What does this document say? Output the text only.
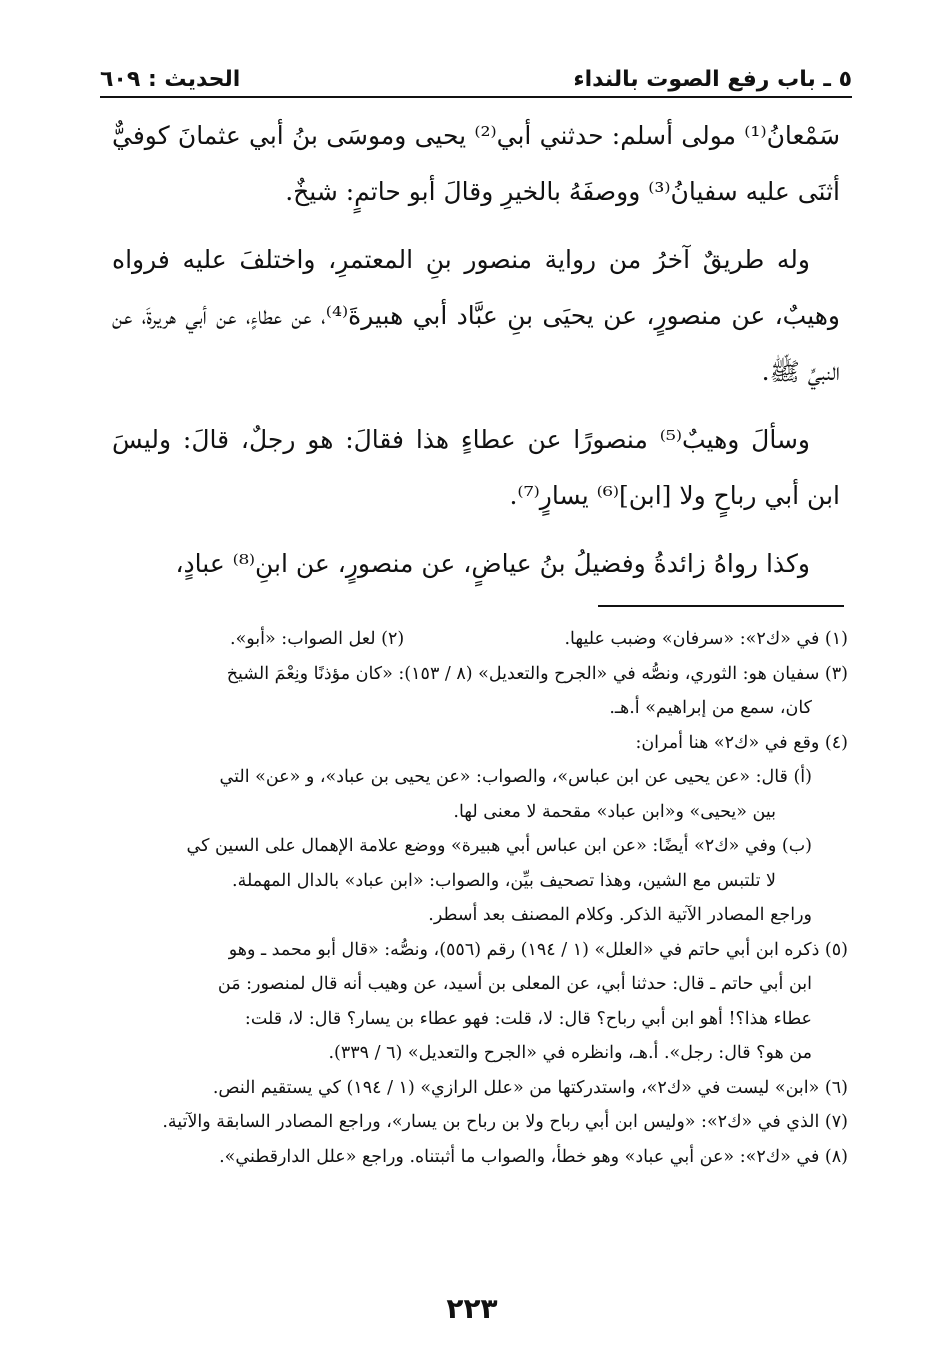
٥ ـ باب رفع الصوت بالنداء
الحديث : ٦٠٩

سَمْعانُ⁽¹⁾ مولى أسلم: حدثني أبي⁽²⁾ يحيى وموسَى بنُ أبي عثمانَ كوفيٌّ أثنَى عليه سفيانُ⁽³⁾ ووصفَهُ بالخيرِ وقالَ أبو حاتمٍ: شيخٌ.

وله طريقٌ آخرُ من رواية منصور بنِ المعتمرِ، واختلفَ عليه فرواه وهيبٌ، عن منصورٍ، عن يحيَى بنِ عبَّاد أبي هبيرةَ⁽⁴⁾، عن عطاءٍ، عن أبي هريرةَ، عن النبيِّ ﷺ.

وسألَ وهيبٌ⁽⁵⁾ منصورًا عن عطاءٍ هذا فقالَ: هو رجلٌ، قالَ: وليسَ ابن أبي رباحٍ ولا [ابن]⁽⁶⁾ يسارٍ⁽⁷⁾.

وكذا رواهُ زائدةُ وفضيلُ بنُ عياضٍ، عن منصورٍ، عن ابنِ⁽⁸⁾ عبادٍ،

(١) في «ك٢»: «سرفان» وضبب عليها.
(٢) لعل الصواب: «أبو».

(٣) سفيان هو: الثوري، ونصُّه في «الجرح والتعديل» (٨ / ١٥٣): «كان مؤذنًا ونِعْمَ الشيخ

كان، سمع من إبراهيم» أ.هـ.

(٤) وقع في «ك٢» هنا أمران:

(أ) قال: «عن يحيى عن ابن عباس»، والصواب: «عن يحيى بن عباد»، و «عن» التي

بين «يحيى» و«ابن عباد» مقحمة لا معنى لها.

(ب) وفي «ك٢» أيضًا: «عن ابن عباس أبي هبيرة» ووضع علامة الإهمال على السين كي

لا تلتبس مع الشين، وهذا تصحيف بيِّن، والصواب: «ابن عباد» بالدال المهملة.

وراجع المصادر الآتية الذكر. وكلام المصنف بعد أسطر.

(٥) ذكره ابن أبي حاتم في «العلل» (١ / ١٩٤) رقم (٥٥٦)، ونصُّه: «قال أبو محمد ـ وهو

ابن أبي حاتم ـ قال: حدثنا أبي، عن المعلى بن أسيد، عن وهيب أنه قال لمنصور: مَن

عطاء هذا؟! أهو ابن أبي رباح؟ قال: لا، قلت: فهو عطاء بن يسار؟ قال: لا، قلت:

من هو؟ قال: رجل». أ.هـ، وانظره في «الجرح والتعديل» (٦ / ٣٣٩).

(٦) «ابن» ليست في «ك٢»، واستدركتها من «علل الرازي» (١ / ١٩٤) كي يستقيم النص.

(٧) الذي في «ك٢»: «وليس ابن أبي رباح ولا بن رباح بن يسار»، وراجع المصادر السابقة والآتية.

(٨) في «ك٢»: «عن أبي عباد» وهو خطأ، والصواب ما أثبتناه. وراجع «علل الدارقطني».

٢٢٣
